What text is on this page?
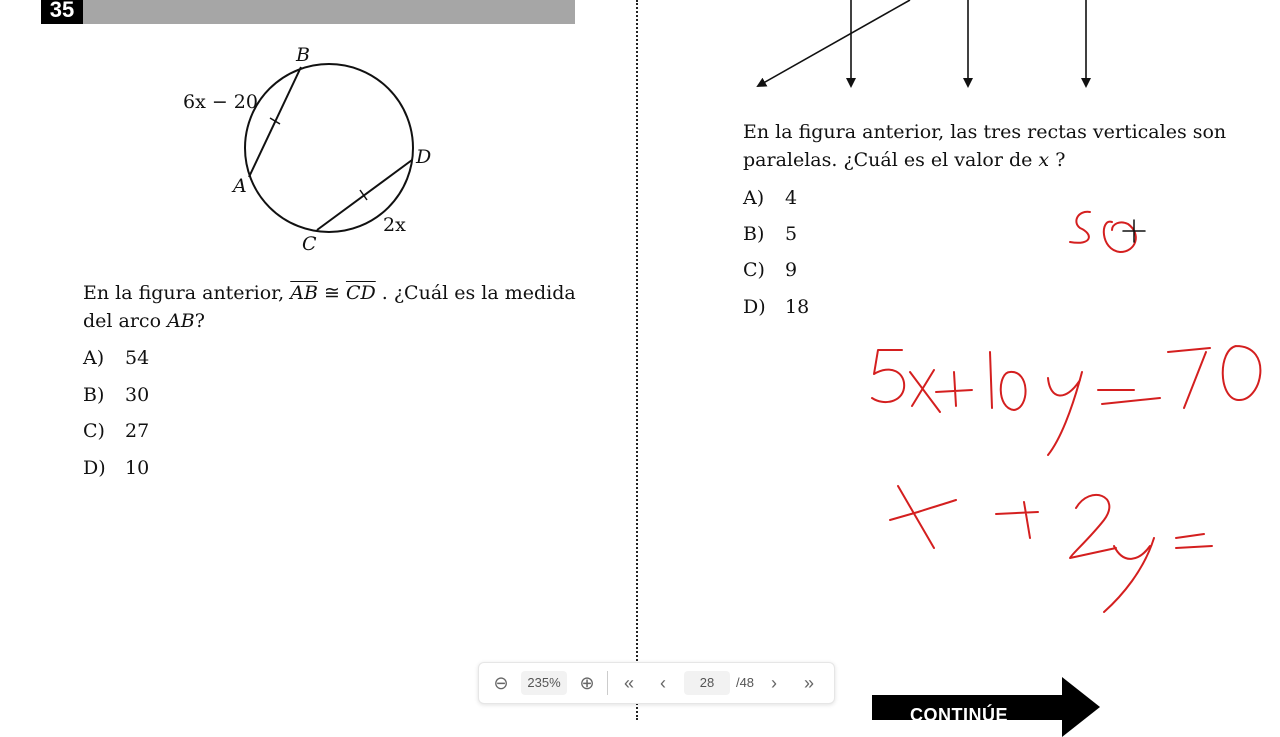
35
B
A
C
D
6x − 20
2x
En la figura anterior, $\overline{AB}$ ≅ $\overline{CD}$ . ¿Cuál es la medida
del arco AB?
A) 54
B) 30
C) 27
D) 10
En la figura anterior, las tres rectas verticales son
paralelas. ¿Cuál es el valor de x ?
A) 4
B) 5
C) 9
D) 18
⊖	235%	⊕	«	‹	28	/48 ›	»
CONTINÚE
